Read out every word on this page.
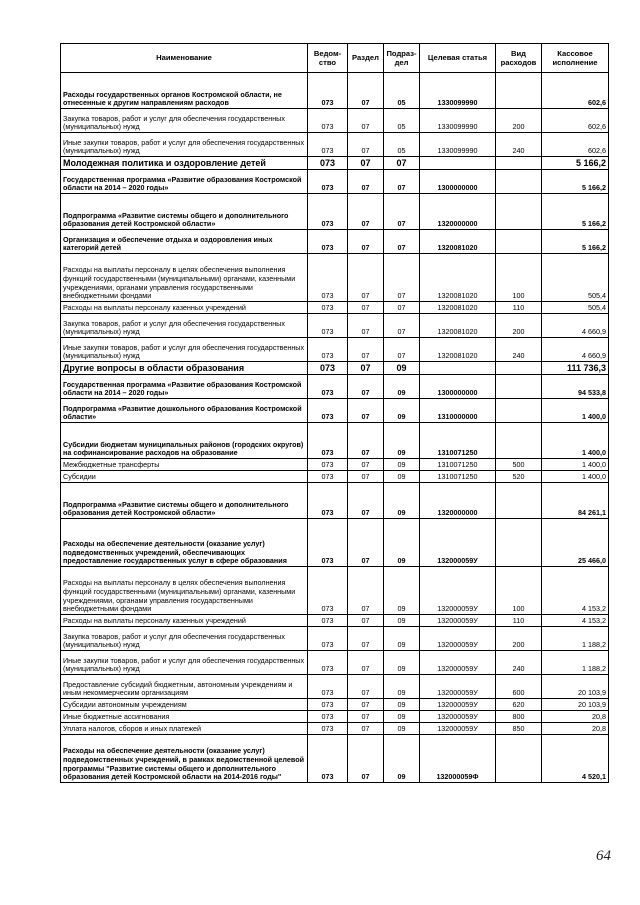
Наименование	Ведом-ство	Раздел	Подраз-дел	Целевая статья	Вид расходов	Кассовое исполнение
Расходы государственных органов Костромской области, не отнесенные к другим направлениям расходов	073	07	05	1330099990		602,6
Закупка товаров, работ и услуг для обеспечения государственных (муниципальных) нужд	073	07	05	1330099990	200	602,6
Иные закупки товаров, работ и услуг для обеспечения государственных (муниципальных) нужд	073	07	05	1330099990	240	602,6
Молодежная политика и оздоровление детей	073	07	07			5 166,2
Государственная программа «Развитие образования Костромской области на 2014 – 2020 годы»	073	07	07	1300000000		5 166,2
Подпрограмма «Развитие системы общего и дополнительного образования детей Костромской области»	073	07	07	1320000000		5 166,2
Организация и обеспечение отдыха и оздоровления иных категорий детей	073	07	07	1320081020		5 166,2
Расходы на выплаты персоналу в целях обеспечения выполнения функций государственными (муниципальными) органами, казенными учреждениями, органами управления государственными внебюджетными фондами	073	07	07	1320081020	100	505,4
Расходы на выплаты персоналу казенных учреждений	073	07	07	1320081020	110	505,4
Закупка товаров, работ и услуг для обеспечения государственных (муниципальных) нужд	073	07	07	1320081020	200	4 660,9
Иные закупки товаров, работ и услуг для обеспечения государственных (муниципальных) нужд	073	07	07	1320081020	240	4 660,9
Другие вопросы в области образования	073	07	09			111 736,3
Государственная программа «Развитие образования Костромской области на 2014 – 2020 годы»	073	07	09	1300000000		94 533,8
Подпрограмма «Развитие дошкольного образования Костромской области»	073	07	09	1310000000		1 400,0
Субсидии бюджетам муниципальных районов (городских округов) на софинансирование расходов на образование	073	07	09	1310071250		1 400,0
Межбюджетные трансферты	073	07	09	1310071250	500	1 400,0
Субсидии	073	07	09	1310071250	520	1 400,0
Подпрограмма «Развитие системы общего и дополнительного образования детей Костромской области»	073	07	09	1320000000		84 261,1
Расходы на обеспечение деятельности (оказание услуг) подведомственных учреждений, обеспечивающих предоставление государственных услуг в сфере образования	073	07	09	132000059У		25 466,0
Расходы на выплаты персоналу в целях обеспечения выполнения функций государственными (муниципальными) органами, казенными учреждениями, органами управления государственными внебюджетными фондами	073	07	09	132000059У	100	4 153,2
Расходы на выплаты персоналу казенных учреждений	073	07	09	132000059У	110	4 153,2
Закупка товаров, работ и услуг для обеспечения государственных (муниципальных) нужд	073	07	09	132000059У	200	1 188,2
Иные закупки товаров, работ и услуг для обеспечения государственных (муниципальных) нужд	073	07	09	132000059У	240	1 188,2
Предоставление субсидий бюджетным, автономным учреждениям и иным некоммерческим организациям	073	07	09	132000059У	600	20 103,9
Субсидии автономным учреждениям	073	07	09	132000059У	620	20 103,9
Иные бюджетные ассигнования	073	07	09	132000059У	800	20,8
Уплата налогов, сборов и иных платежей	073	07	09	132000059У	850	20,8
Расходы на обеспечение деятельности (оказание услуг) подведомственных учреждений, в рамках ведомственной целевой программы "Развитие системы общего и дополнительного образования детей Костромской области на 2014-2016 годы"	073	07	09	132000059Ф		4 520,1
64
